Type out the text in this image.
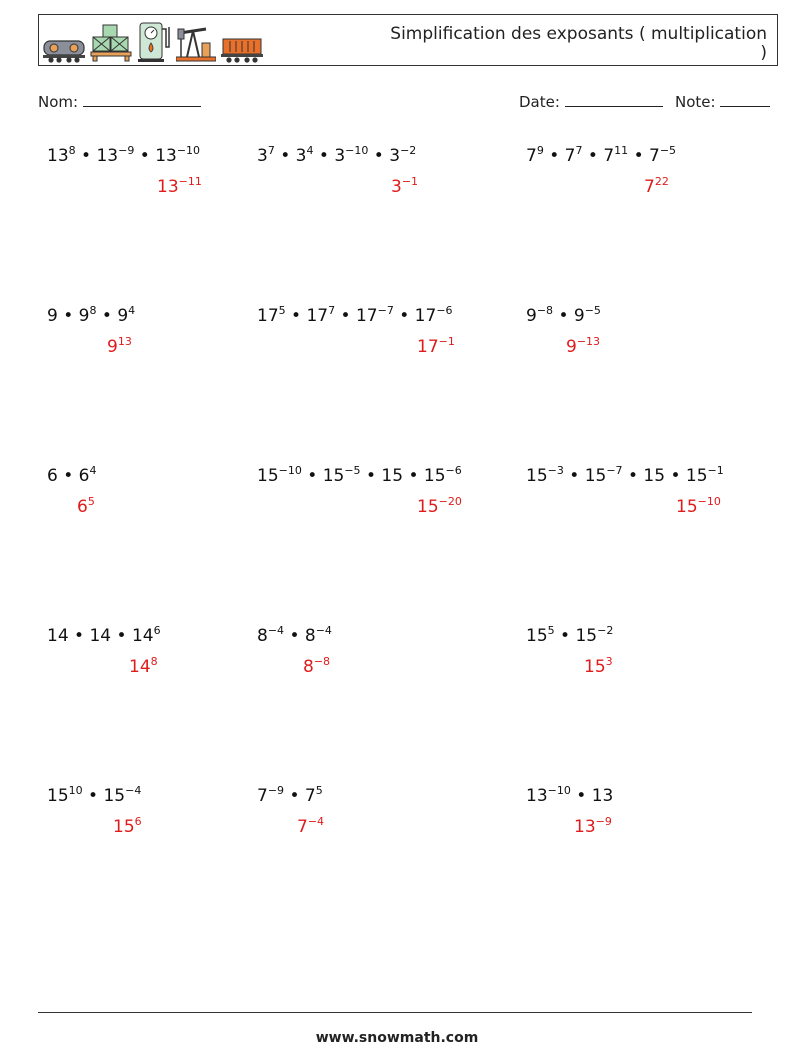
Simplification des exposants ( multiplication )
Nom:	Date:	Note:
$13^8$ • $13^{-9}$ • $13^{-10}$
$13^{-11}$
$3^7$ • $3^4$ • $3^{-10}$ • $3^{-2}$
$3^{-1}$
$7^9$ • $7^7$ • $7^{11}$ • $7^{-5}$
$7^{22}$
9 • $9^8$ • $9^4$
$9^{13}$
$17^5$ • $17^7$ • $17^{-7}$ • $17^{-6}$
$17^{-1}$
$9^{-8}$ • $9^{-5}$
$9^{-13}$
6 • $6^4$
$6^5$
$15^{-10}$ • $15^{-5}$ • 15 • $15^{-6}$
$15^{-20}$
$15^{-3}$ • $15^{-7}$ • 15 • $15^{-1}$
$15^{-10}$
14 • 14 • $14^6$
$14^8$
$8^{-4}$ • $8^{-4}$
$8^{-8}$
$15^5$ • $15^{-2}$
$15^3$
$15^{10}$ • $15^{-4}$
$15^6$
$7^{-9}$ • $7^5$
$7^{-4}$
$13^{-10}$ • 13
$13^{-9}$
www.snowmath.com
